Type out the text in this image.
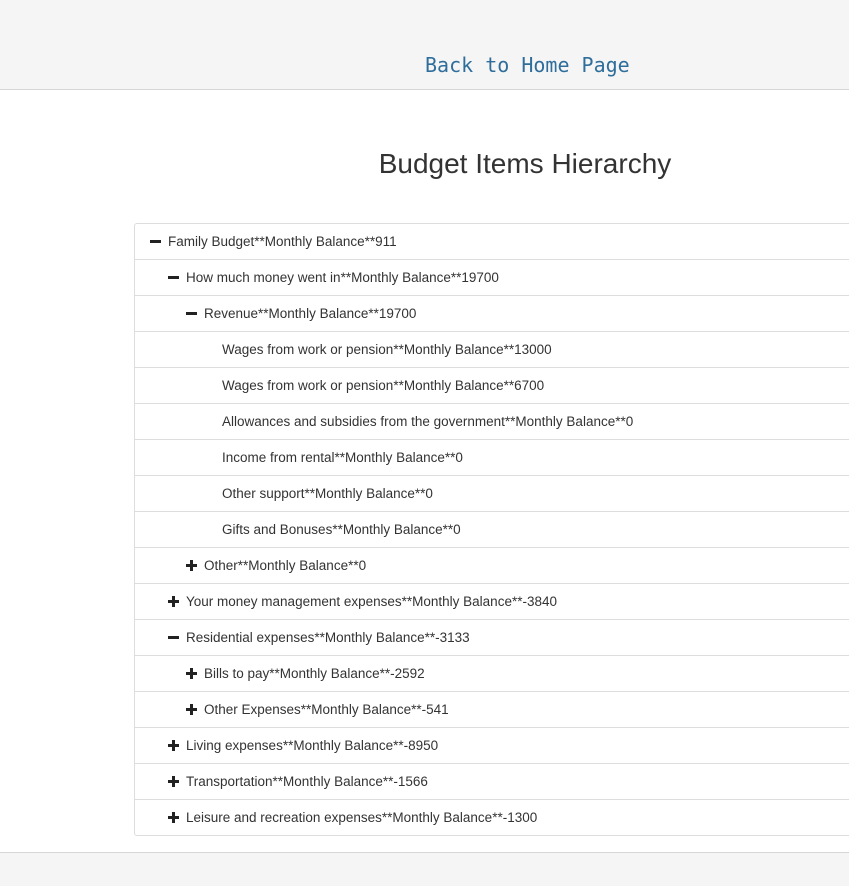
Back to Home Page
Budget Items Hierarchy
Family Budget**Monthly Balance**911
How much money went in**Monthly Balance**19700
Revenue**Monthly Balance**19700
Wages from work or pension**Monthly Balance**13000
Wages from work or pension**Monthly Balance**6700
Allowances and subsidies from the government**Monthly Balance**0
Income from rental**Monthly Balance**0
Other support**Monthly Balance**0
Gifts and Bonuses**Monthly Balance**0
Other**Monthly Balance**0
Your money management expenses**Monthly Balance**-3840
Residential expenses**Monthly Balance**-3133
Bills to pay**Monthly Balance**-2592
Other Expenses**Monthly Balance**-541
Living expenses**Monthly Balance**-8950
Transportation**Monthly Balance**-1566
Leisure and recreation expenses**Monthly Balance**-1300
